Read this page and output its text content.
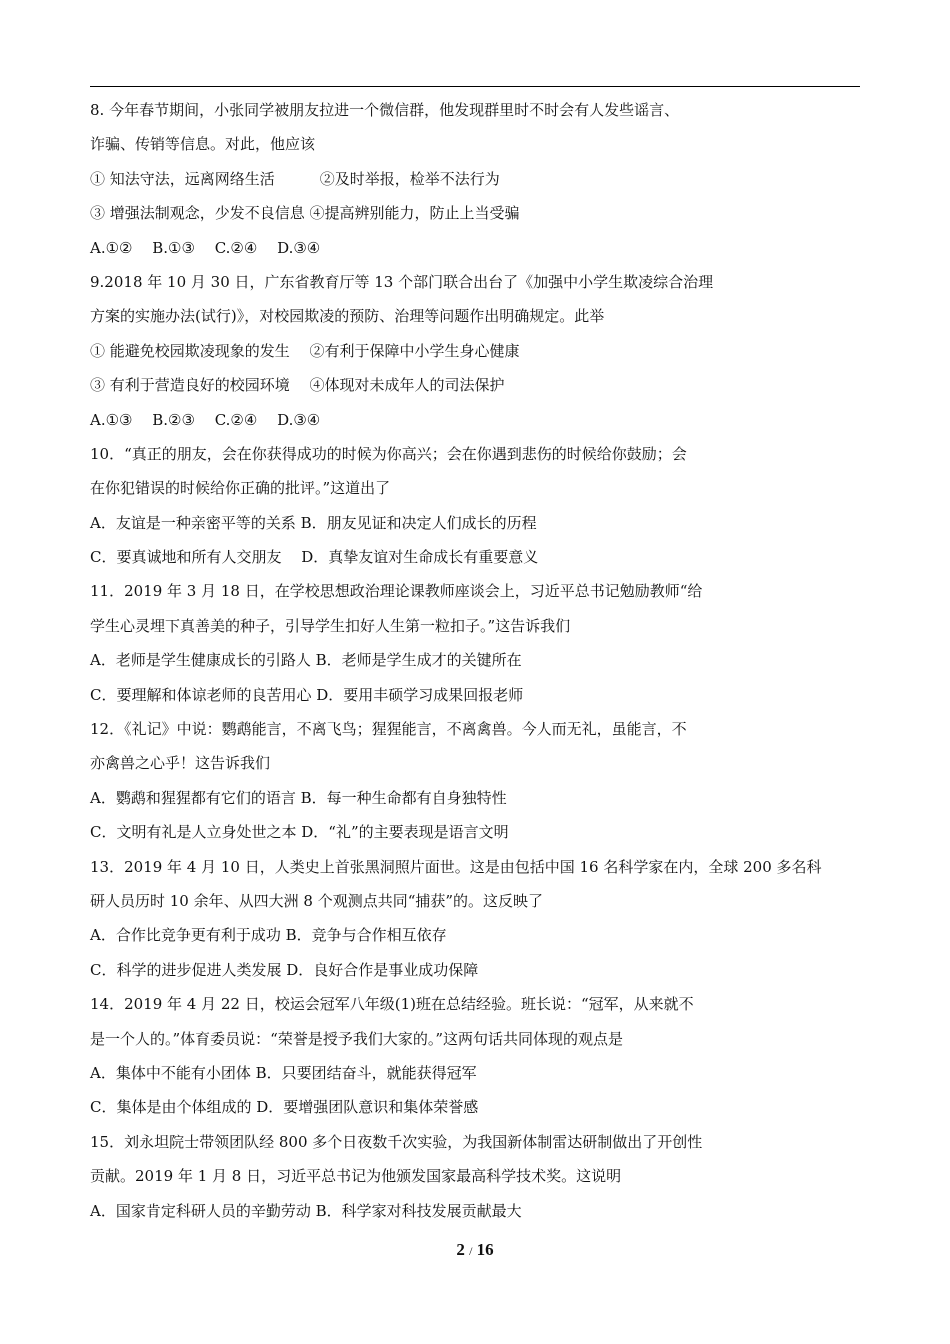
8. 今年春节期间，小张同学被朋友拉进一个微信群，他发现群里时不时会有人发些谣言、
诈骗、传销等信息。对此，他应该
① 知法守法，远离网络生活　　　②及时举报，检举不法行为
③ 增强法制观念，少发不良信息 ④提高辨别能力，防止上当受骗
A.①②　 B.①③　 C.②④　 D.③④
9.2018 年 10 月 30 日，广东省教育厅等 13 个部门联合出台了《加强中小学生欺凌综合治理
方案的实施办法(试行)》，对校园欺凌的预防、治理等问题作出明确规定。此举
① 能避免校园欺凌现象的发生　 ②有利于保障中小学生身心健康
③ 有利于营造良好的校园环境　 ④体现对未成年人的司法保护
A.①③　 B.②③　 C.②④　 D.③④
10．“真正的朋友，会在你获得成功的时候为你高兴；会在你遇到悲伤的时候给你鼓励；会
在你犯错误的时候给你正确的批评。”这道出了
A．友谊是一种亲密平等的关系 B．朋友见证和决定人们成长的历程
C．要真诚地和所有人交朋友　 D．真挚友谊对生命成长有重要意义
11．2019 年 3 月 18 日，在学校思想政治理论课教师座谈会上，习近平总书记勉励教师“给
学生心灵埋下真善美的种子，引导学生扣好人生第一粒扣子。”这告诉我们
A．老师是学生健康成长的引路人 B．老师是学生成才的关键所在
C．要理解和体谅老师的良苦用心 D．要用丰硕学习成果回报老师
12．《礼记》中说：鹦鹉能言，不离飞鸟；猩猩能言，不离禽兽。今人而无礼，虽能言，不
亦禽兽之心乎！这告诉我们
A．鹦鹉和猩猩都有它们的语言 B．每一种生命都有自身独特性
C．文明有礼是人立身处世之本 D．“礼”的主要表现是语言文明
13．2019 年 4 月 10 日，人类史上首张黑洞照片面世。这是由包括中国 16 名科学家在内，全球 200 多名科
研人员历时 10 余年、从四大洲 8 个观测点共同“捕获”的。这反映了
A．合作比竞争更有利于成功 B．竞争与合作相互依存
C．科学的进步促进人类发展 D．良好合作是事业成功保障
14．2019 年 4 月 22 日，校运会冠军八年级(1)班在总结经验。班长说：“冠军，从来就不
是一个人的。”体育委员说：“荣誉是授予我们大家的。”这两句话共同体现的观点是
A．集体中不能有小团体 B．只要团结奋斗，就能获得冠军
C．集体是由个体组成的 D．要增强团队意识和集体荣誉感
15．刘永坦院士带领团队经 800 多个日夜数千次实验，为我国新体制雷达研制做出了开创性
贡献。2019 年 1 月 8 日，习近平总书记为他颁发国家最高科学技术奖。这说明
A．国家肯定科研人员的辛勤劳动 B．科学家对科技发展贡献最大
2 / 16
